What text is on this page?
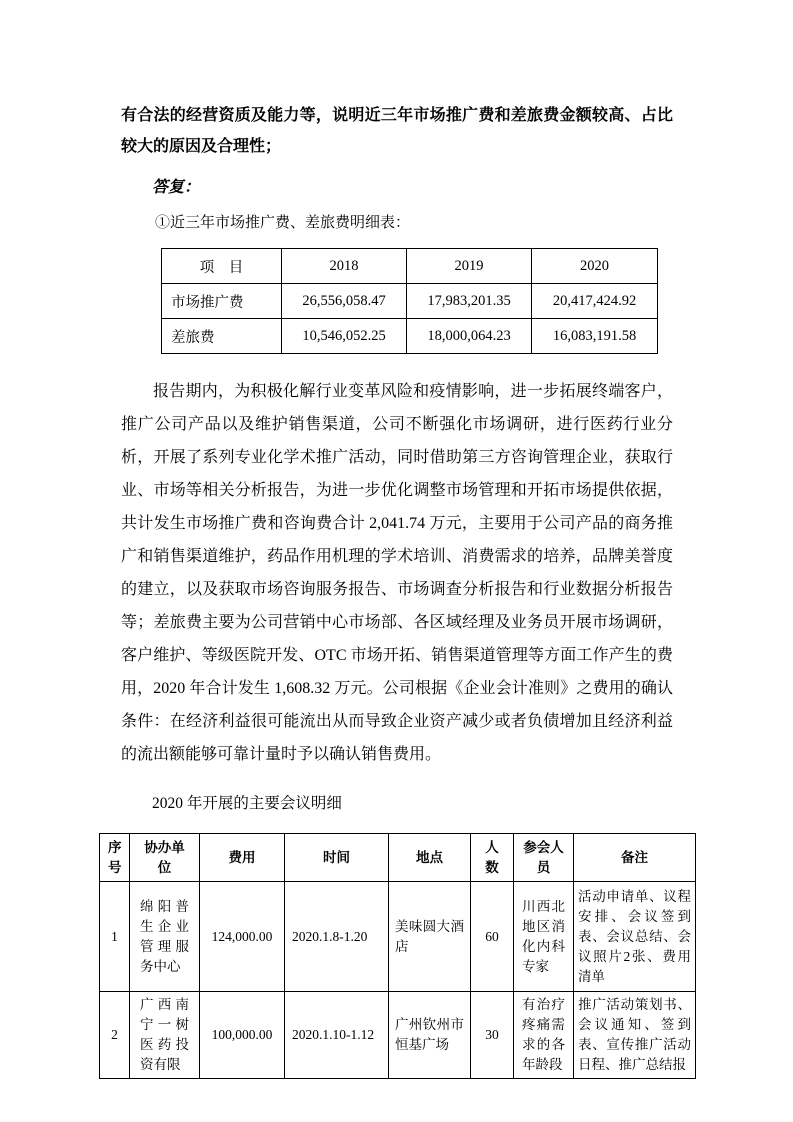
有合法的经营资质及能力等，说明近三年市场推广费和差旅费金额较高、占比较大的原因及合理性；

答复：

①近三年市场推广费、差旅费明细表：

项　目	2018	2019	2020
市场推广费	26,556,058.47	17,983,201.35	20,417,424.92
差旅费	10,546,052.25	18,000,064.23	16,083,191.58

报告期内，为积极化解行业变革风险和疫情影响，进一步拓展终端客户，推广公司产品以及维护销售渠道，公司不断强化市场调研，进行医药行业分析，开展了系列专业化学术推广活动，同时借助第三方咨询管理企业，获取行业、市场等相关分析报告，为进一步优化调整市场管理和开拓市场提供依据，共计发生市场推广费和咨询费合计 2,041.74 万元，主要用于公司产品的商务推广和销售渠道维护，药品作用机理的学术培训、消费需求的培养，品牌美誉度的建立，以及获取市场咨询服务报告、市场调查分析报告和行业数据分析报告等；差旅费主要为公司营销中心市场部、各区域经理及业务员开展市场调研，客户维护、等级医院开发、OTC 市场开拓、销售渠道管理等方面工作产生的费用，2020 年合计发生 1,608.32 万元。公司根据《企业会计准则》之费用的确认条件：在经济利益很可能流出从而导致企业资产减少或者负债增加且经济利益的流出额能够可靠计量时予以确认销售费用。

2020 年开展的主要会议明细

序号	协办单位	费用	时间	地点	人数	参会人员	备注
1	绵阳普生企业管理服务中心	124,000.00	2020.1.8-1.20	美味圆大酒店	60	川西北地区消化内科专家	活动申请单、议程安排、会议签到表、会议总结、会议照片2张、费用清单
2	广西南宁一树医药投资有限	100,000.00	2020.1.10-1.12	广州钦州市恒基广场	30	有治疗疼痛需求的各年龄段	推广活动策划书、会议通知、签到表、宣传推广活动日程、推广总结报
